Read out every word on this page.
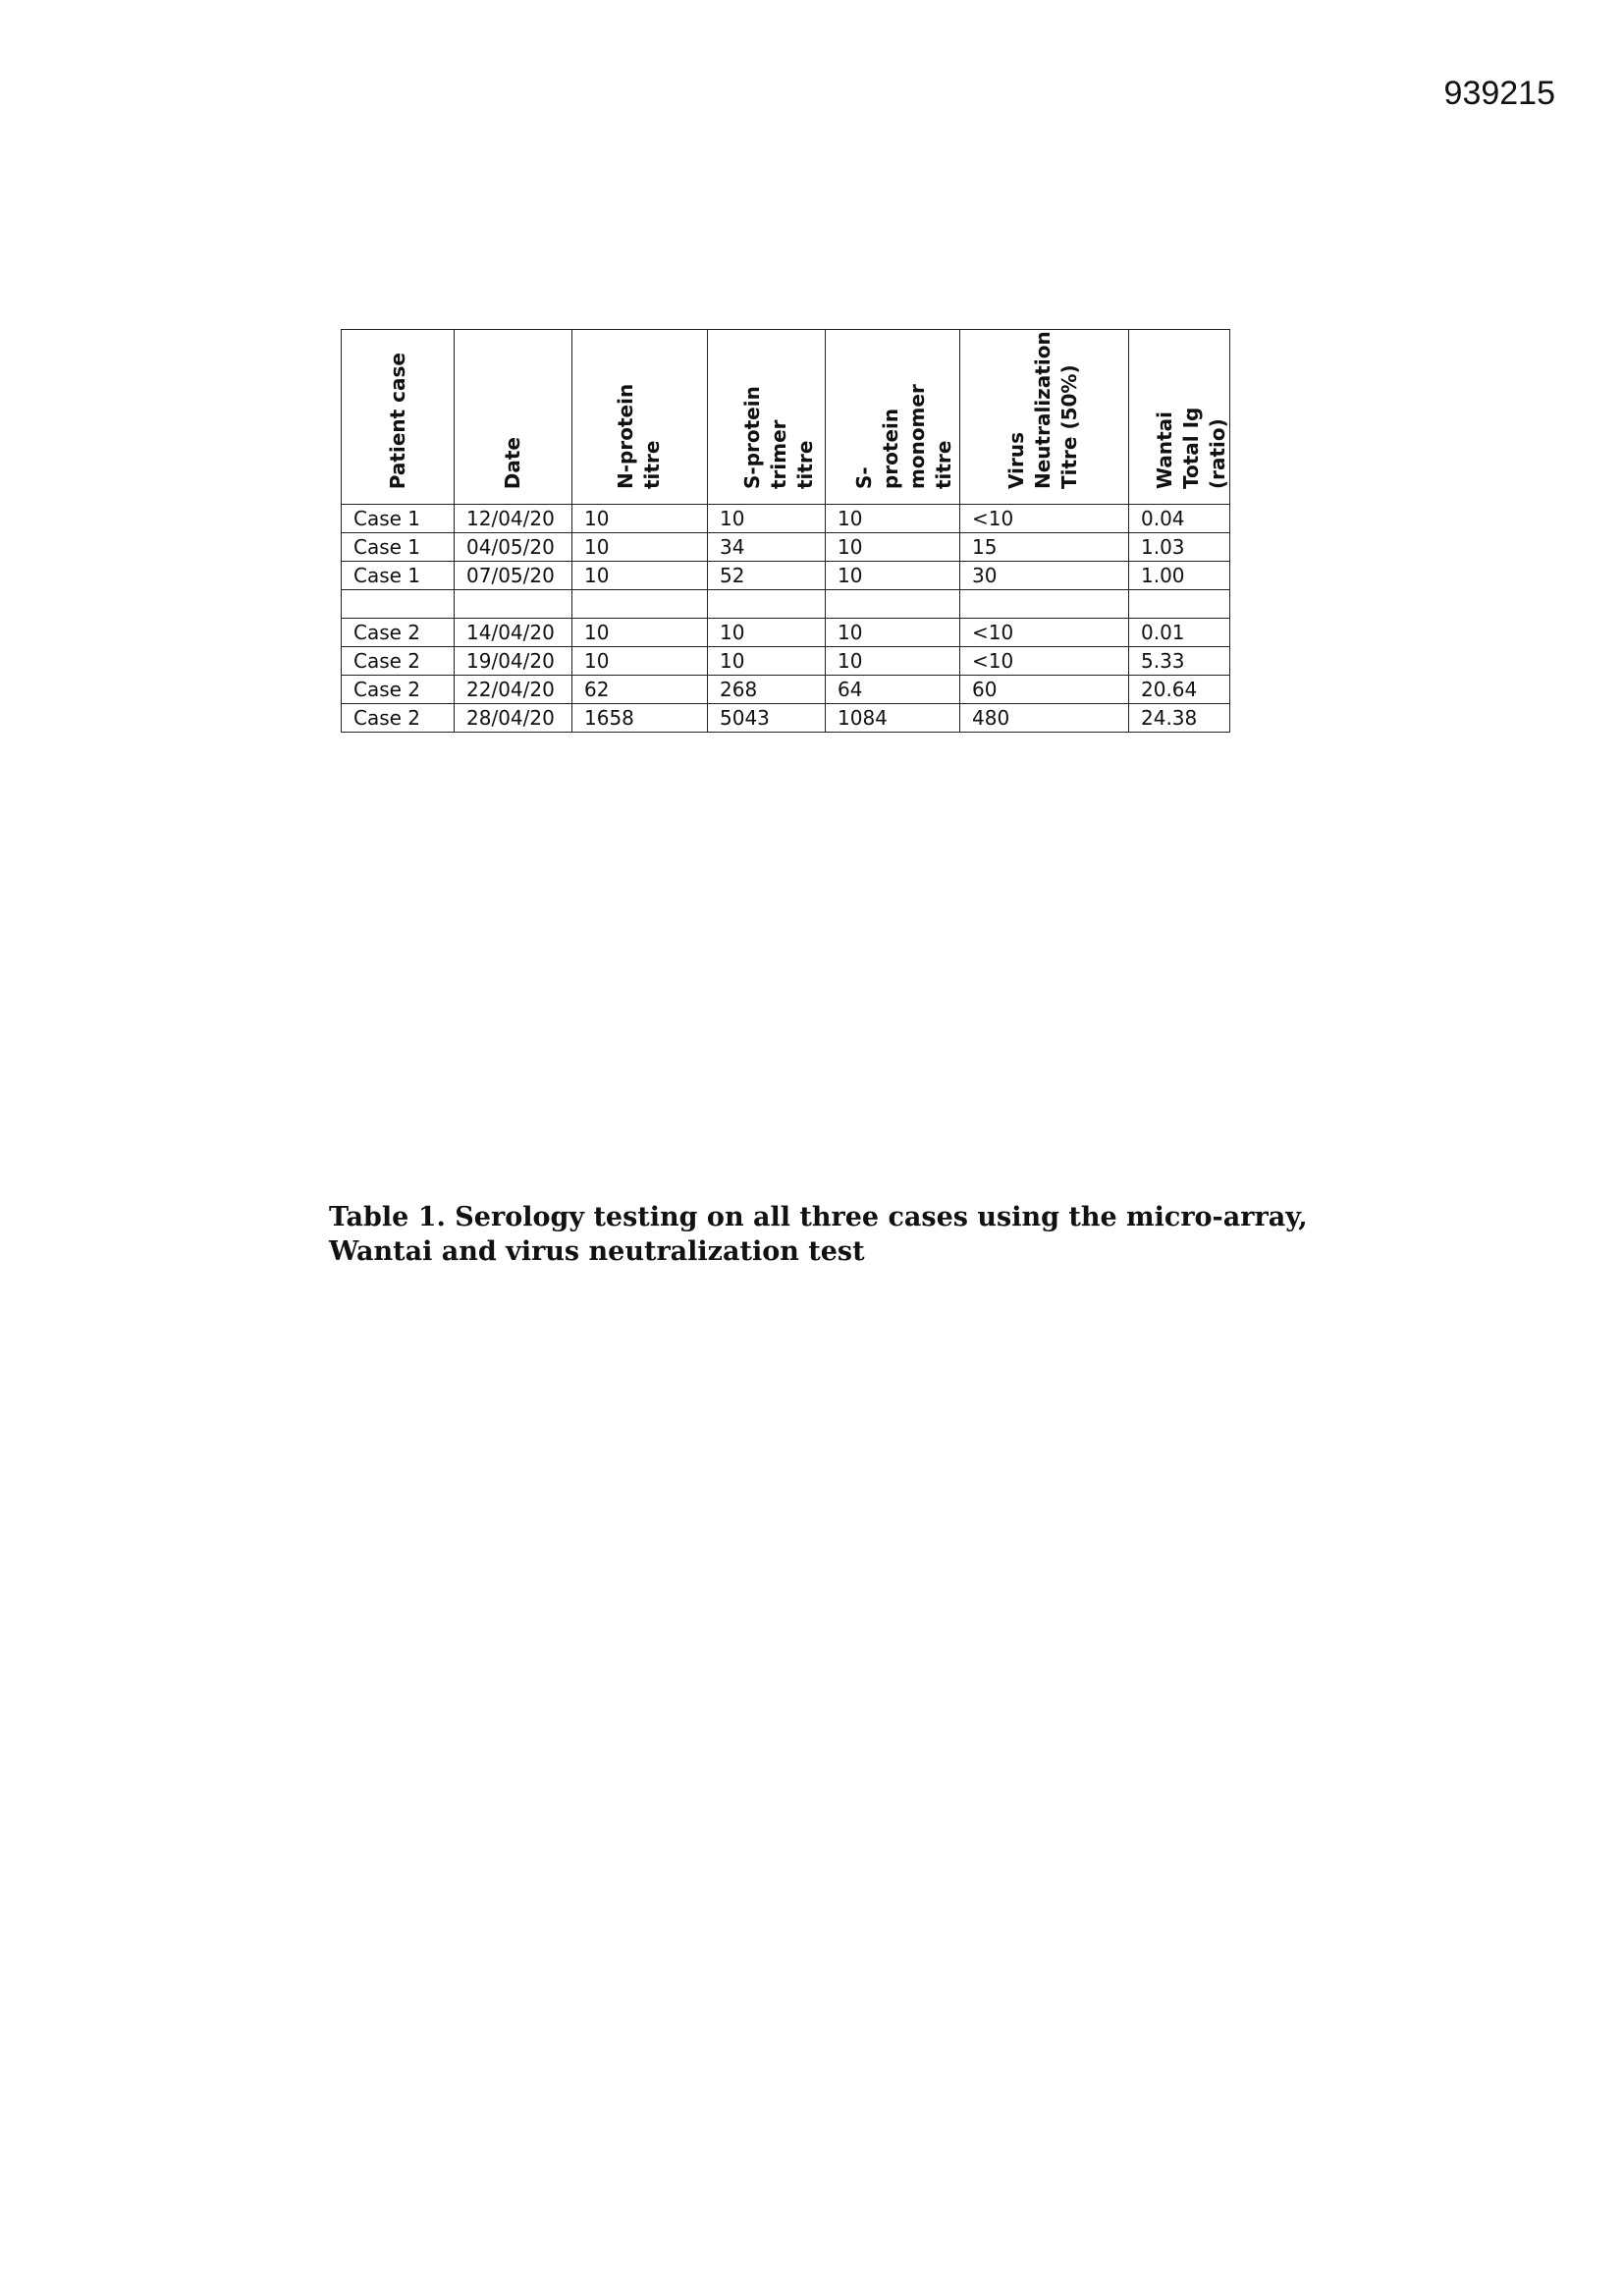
939215
Patient case	Date	N-protein titre	S-protein trimer titre	S-protein monomer titre	Virus Neutralization Titre (50%)	Wantai Total Ig (ratio)
Case 1	12/04/20	10	10	10	<10	0.04
Case 1	04/05/20	10	34	10	15	1.03
Case 1	07/05/20	10	52	10	30	1.00

Case 2	14/04/20	10	10	10	<10	0.01
Case 2	19/04/20	10	10	10	<10	5.33
Case 2	22/04/20	62	268	64	60	20.64
Case 2	28/04/20	1658	5043	1084	480	24.38
Table 1. Serology testing on all three cases using the micro-array, Wantai and virus neutralization test
